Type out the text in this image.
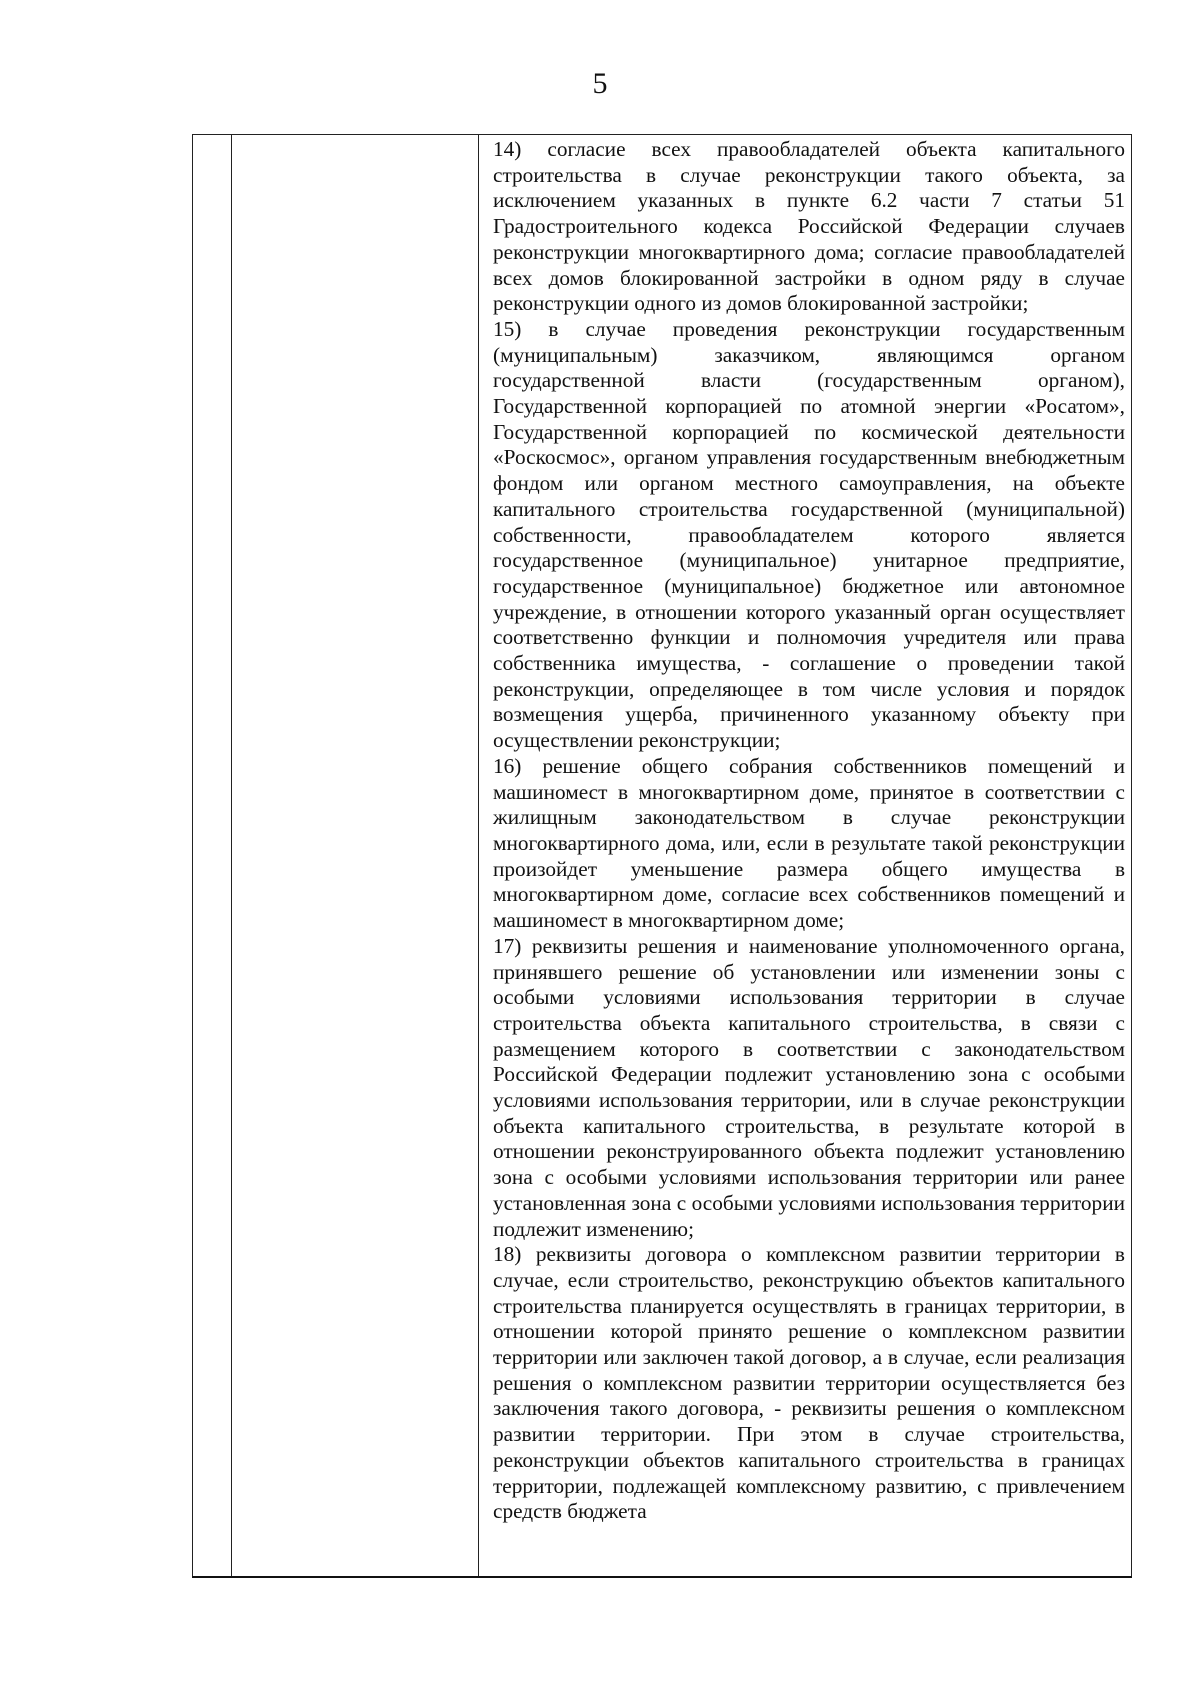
5

14) согласие всех правообладателей объекта капитального строительства в случае реконструкции такого объекта, за исключением указанных в пункте 6.2 части 7 статьи 51 Градостроительного кодекса Российской Федерации случаев реконструкции многоквартирного дома; согласие правообладателей всех домов блокированной застройки в одном ряду в случае реконструкции одного из домов блокированной застройки;

15) в случае проведения реконструкции государственным (муниципальным) заказчиком, являющимся органом государственной власти (государственным органом), Государственной корпорацией по атомной энергии «Росатом», Государственной корпорацией по космической деятельности «Роскосмос», органом управления государственным внебюджетным фондом или органом местного самоуправления, на объекте капитального строительства государственной (муниципальной) собственности, правообладателем которого является государственное (муниципальное) унитарное предприятие, государственное (муниципальное) бюджетное или автономное учреждение, в отношении которого указанный орган осуществляет соответственно функции и полномочия учредителя или права собственника имущества, - соглашение о проведении такой реконструкции, определяющее в том числе условия и порядок возмещения ущерба, причиненного указанному объекту при осуществлении реконструкции;

16) решение общего собрания собственников помещений и машиномест в многоквартирном доме, принятое в соответствии с жилищным законодательством в случае реконструкции многоквартирного дома, или, если в результате такой реконструкции произойдет уменьшение размера общего имущества в многоквартирном доме, согласие всех собственников помещений и машиномест в многоквартирном доме;

17) реквизиты решения и наименование уполномоченного органа, принявшего решение об установлении или изменении зоны с особыми условиями использования территории в случае строительства объекта капитального строительства, в связи с размещением которого в соответствии с законодательством Российской Федерации подлежит установлению зона с особыми условиями использования территории, или в случае реконструкции объекта капитального строительства, в результате которой в отношении реконструированного объекта подлежит установлению зона с особыми условиями использования территории или ранее установленная зона с особыми условиями использования территории подлежит изменению;

18) реквизиты договора о комплексном развитии территории в случае, если строительство, реконструкцию объектов капитального строительства планируется осуществлять в границах территории, в отношении которой принято решение о комплексном развитии территории или заключен такой договор, а в случае, если реализация решения о комплексном развитии территории осуществляется без заключения такого договора, - реквизиты решения о комплексном развитии территории. При этом в случае строительства, реконструкции объектов капитального строительства в границах территории, подлежащей комплексному развитию, с привлечением средств бюджета
